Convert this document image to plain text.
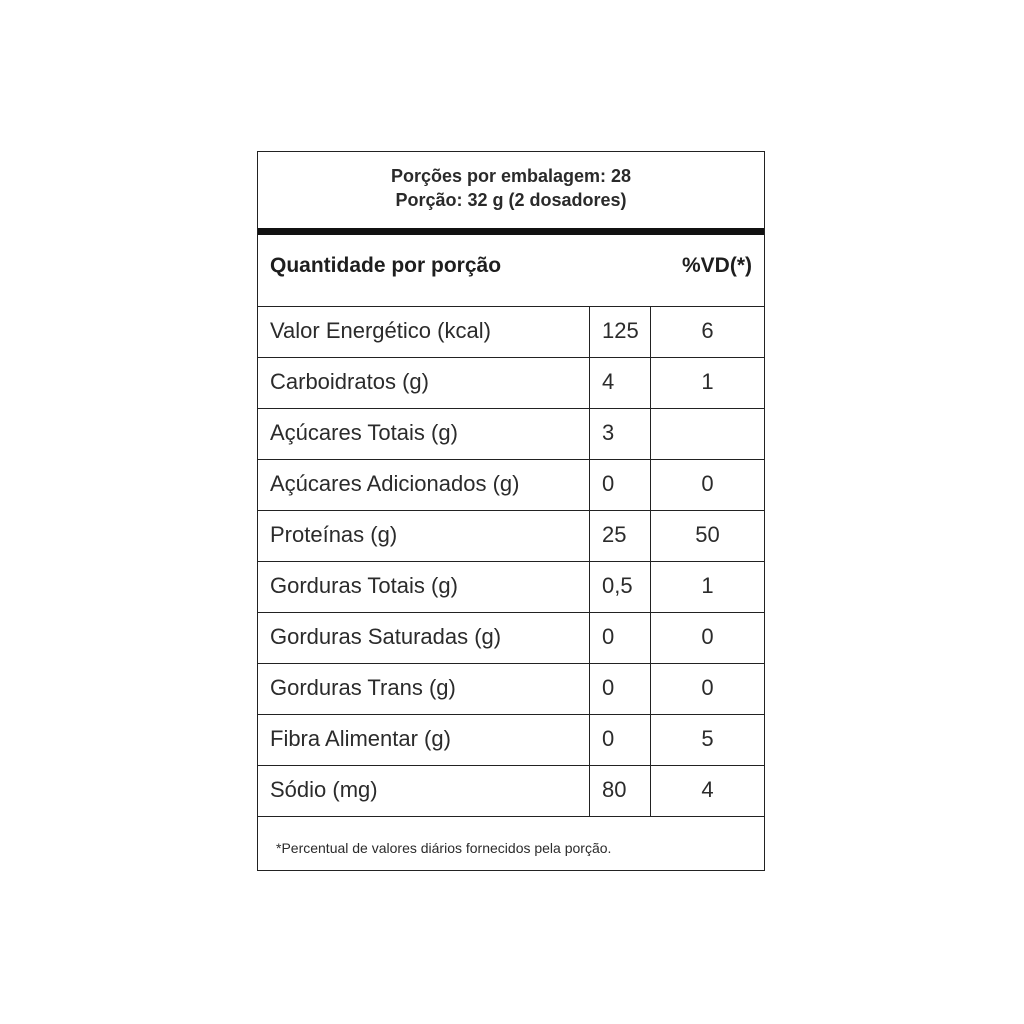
Porções por embalagem: 28
Porção: 32 g (2 dosadores)
Quantidade por porção	%VD(*)
Valor Energético (kcal)	125	6
Carboidratos (g)	4	1
Açúcares Totais (g)	3
Açúcares Adicionados (g)	0	0
Proteínas (g)	25	50
Gorduras Totais (g)	0,5	1
Gorduras Saturadas (g)	0	0
Gorduras Trans (g)	0	0
Fibra Alimentar (g)	0	5
Sódio (mg)	80	4
*Percentual de valores diários fornecidos pela porção.
